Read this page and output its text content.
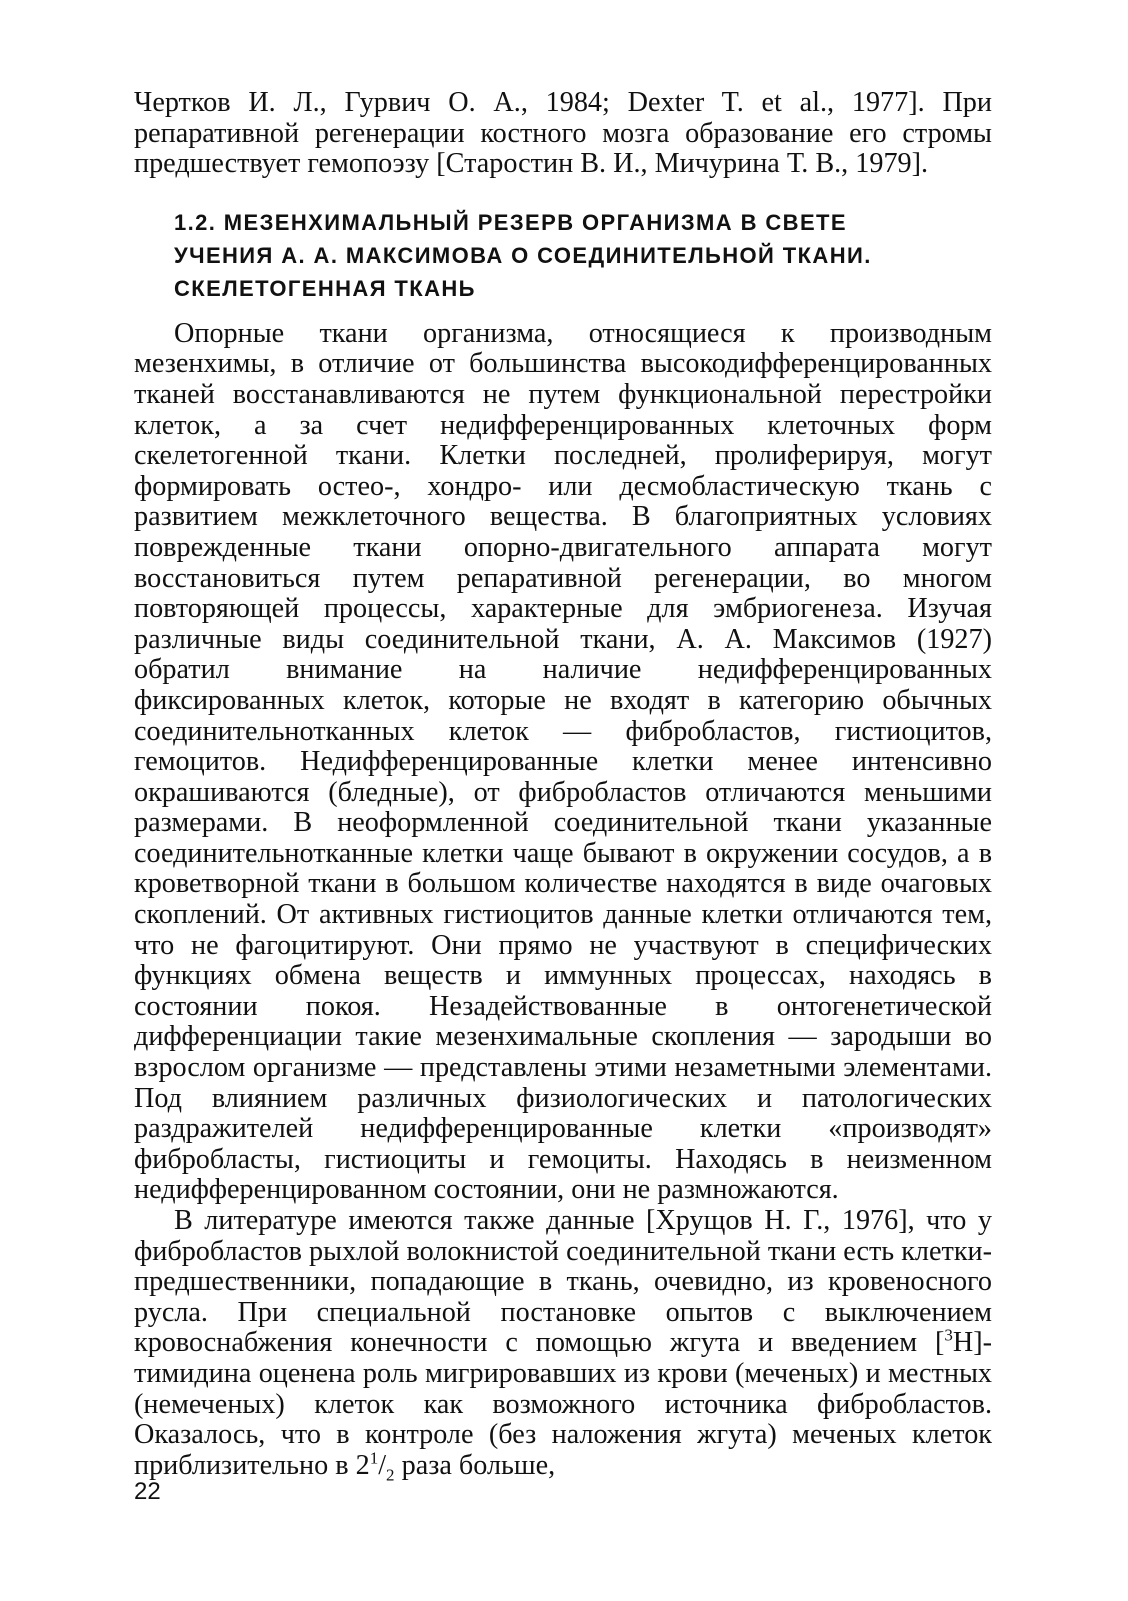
Чертков И. Л., Гурвич О. А., 1984; Dexter T. et al., 1977]. При репаративной регенерации костного мозга образование его стромы предшествует гемопоэзу [Старостин В. И., Мичурина Т. В., 1979].

1.2. МЕЗЕНХИМАЛЬНЫЙ РЕЗЕРВ ОРГАНИЗМА В СВЕТЕ
УЧЕНИЯ А. А. МАКСИМОВА О СОЕДИНИТЕЛЬНОЙ ТКАНИ.
СКЕЛЕТОГЕННАЯ ТКАНЬ

Опорные ткани организма, относящиеся к производным мезенхимы, в отличие от большинства высокодифференцированных тканей восстанавливаются не путем функциональной перестройки клеток, а за счет недифференцированных клеточных форм скелетогенной ткани. Клетки последней, пролиферируя, могут формировать остео-, хондро- или десмобластическую ткань с развитием межклеточного вещества. В благоприятных условиях поврежденные ткани опорно-двигательного аппарата могут восстановиться путем репаративной регенерации, во многом повторяющей процессы, характерные для эмбриогенеза. Изучая различные виды соединительной ткани, А. А. Максимов (1927) обратил внимание на наличие недифференцированных фиксированных клеток, которые не входят в категорию обычных соединительнотканных клеток — фибробластов, гистиоцитов, гемоцитов. Недифференцированные клетки менее интенсивно окрашиваются (бледные), от фибробластов отличаются меньшими размерами. В неоформленной соединительной ткани указанные соединительнотканные клетки чаще бывают в окружении сосудов, а в кроветворной ткани в большом количестве находятся в виде очаговых скоплений. От активных гистиоцитов данные клетки отличаются тем, что не фагоцитируют. Они прямо не участвуют в специфических функциях обмена веществ и иммунных процессах, находясь в состоянии покоя. Незадействованные в онтогенетической дифференциации такие мезенхимальные скопления — зародыши во взрослом организме — представлены этими незаметными элементами. Под влиянием различных физиологических и патологических раздражителей недифференцированные клетки «производят» фибробласты, гистиоциты и гемоциты. Находясь в неизменном недифференцированном состоянии, они не размножаются.

В литературе имеются также данные [Хрущов Н. Г., 1976], что у фибробластов рыхлой волокнистой соединительной ткани есть клетки-предшественники, попадающие в ткань, очевидно, из кровеносного русла. При специальной постановке опытов с выключением кровоснабжения конечности с помощью жгута и введением [$^3$H]-тимидина оценена роль мигрировавших из крови (меченых) и местных (немеченых) клеток как возможного источника фибробластов. Оказалось, что в контроле (без наложения жгута) меченых клеток приблизительно в $2^1/_2$ раза больше,

22
